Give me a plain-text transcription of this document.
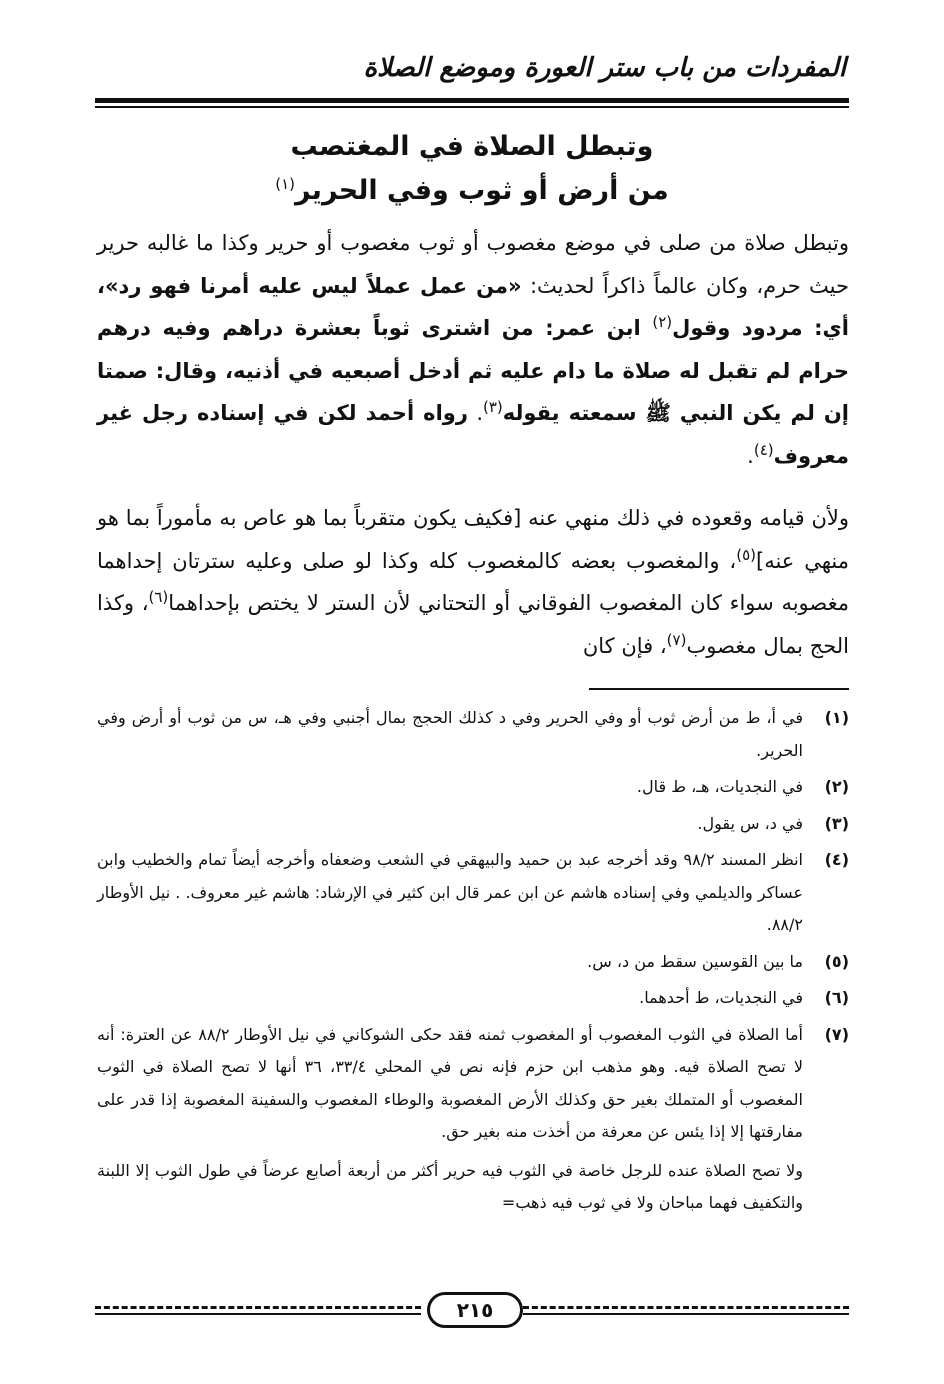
المفردات من باب ستر العورة وموضع الصلاة
وتبطل الصلاة في المغتصب
من أرض أو ثوب وفي الحرير$^{(١)}$

وتبطل صلاة من صلى في موضع مغصوب أو ثوب مغصوب أو حرير وكذا ما غالبه حرير حيث حرم، وكان عالماً ذاكراً لحديث: «من عمل عملاً ليس عليه أمرنا فهو رد»، أي: مردود وقول$^{(٢)}$ ابن عمر: من اشترى ثوباً بعشرة دراهم وفيه درهم حرام لم تقبل له صلاة ما دام عليه ثم أدخل أصبعيه في أذنيه، وقال: صمتا إن لم يكن النبي ﷺ سمعته يقوله$^{(٣)}$. رواه أحمد لكن في إسناده رجل غير معروف$^{(٤)}$.

ولأن قيامه وقعوده في ذلك منهي عنه [فكيف يكون متقرباً بما هو عاص به مأموراً بما هو منهي عنه]$^{(٥)}$، والمغصوب بعضه كالمغصوب كله وكذا لو صلى وعليه سترتان إحداهما مغصوبه سواء كان المغصوب الفوقاني أو التحتاني لأن الستر لا يختص بإحداهما$^{(٦)}$، وكذا الحج بمال مغصوب$^{(٧)}$، فإن كان

(١)
في أ، ط من أرض ثوب أو وفي الحرير وفي د كذلك الحجج بمال أجنبي وفي هـ، س من ثوب أو أرض وفي الحرير.
(٢)
في النجديات، هـ، ط قال.
(٣)
في د، س يقول.
(٤)
انظر المسند ٩٨/٢ وقد أخرجه عبد بن حميد والبيهقي في الشعب وضعفاه وأخرجه أيضاً تمام والخطيب وابن عساكر والديلمي وفي إسناده هاشم عن ابن عمر قال ابن كثير في الإرشاد: هاشم غير معروف. . نيل الأوطار ٨٨/٢.
(٥)
ما بين القوسين سقط من د، س.
(٦)
في النجديات، ط أحدهما.
(٧)
أما الصلاة في الثوب المغصوب أو المغصوب ثمنه فقد حكى الشوكاني في نيل الأوطار ٨٨/٢ عن العترة: أنه لا تصح الصلاة فيه. وهو مذهب ابن حزم فإنه نص في المحلي ٣٣/٤، ٣٦ أنها لا تصح الصلاة في الثوب المغصوب أو المتملك بغير حق وكذلك الأرض المغصوبة والوطاء المغصوب والسفينة المغصوبة إذا قدر على مفارقتها إلا إذا يئس عن معرفة من أخذت منه بغير حق.
ولا تصح الصلاة عنده للرجل خاصة في الثوب فيه حرير أكثر من أربعة أصابع عرضاً في طول الثوب إلا اللبنة والتكفيف فهما مباحان ولا في ثوب فيه ذهب=
٢١٥
